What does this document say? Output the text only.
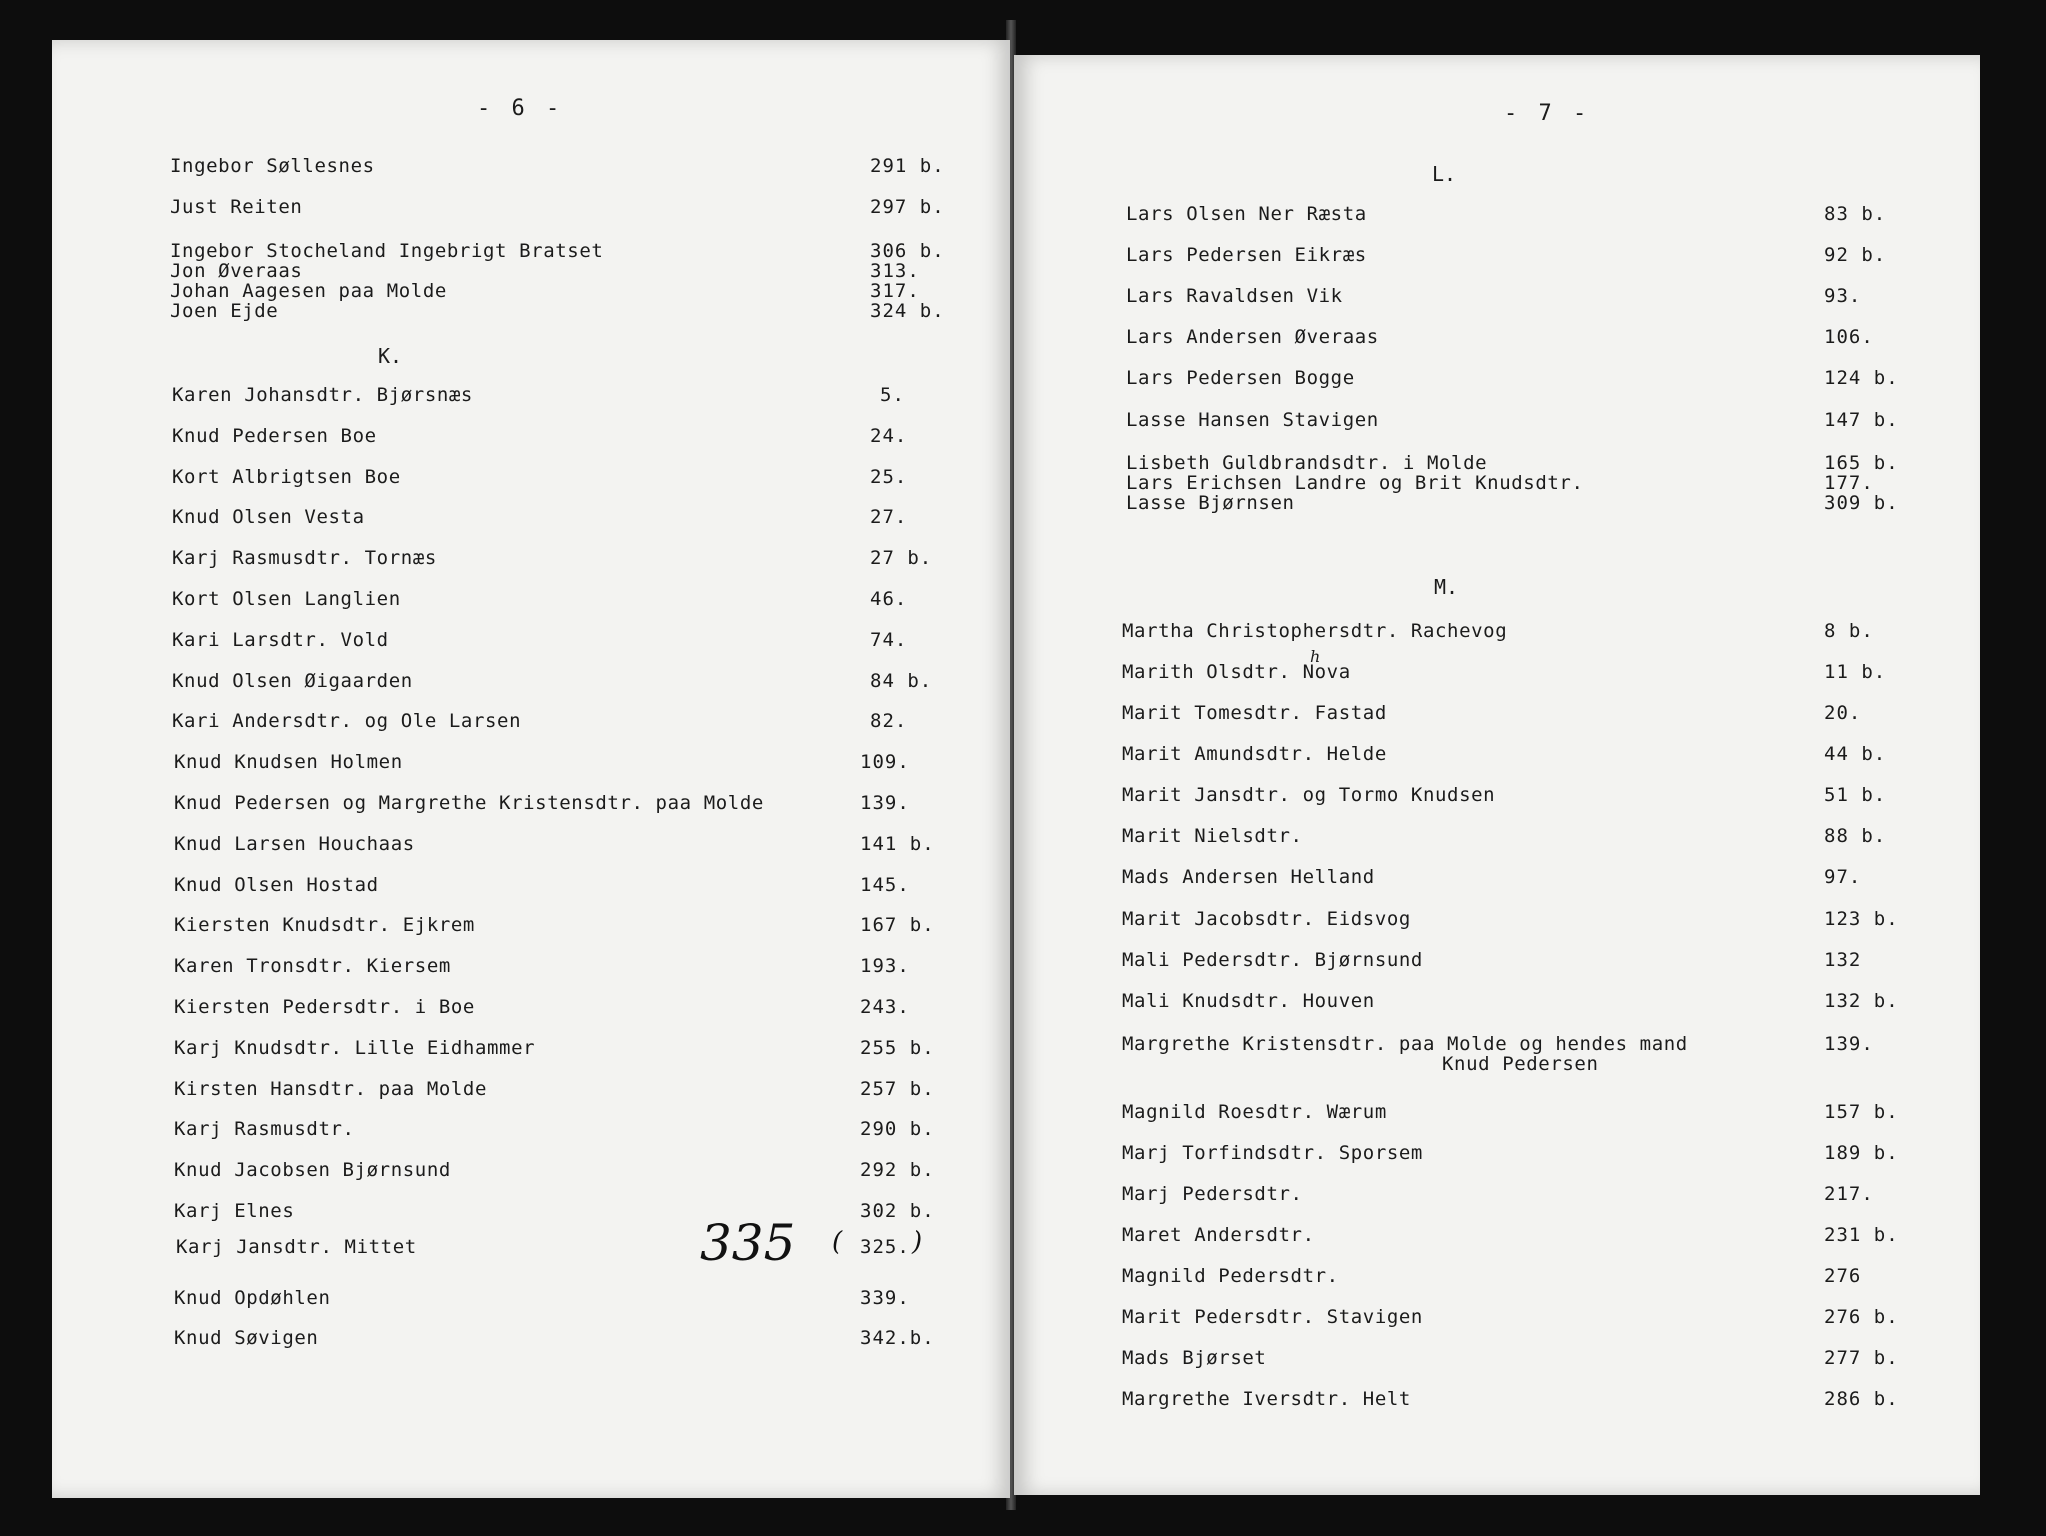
- 6 -
Ingebor Søllesnes	291 b.
Just Reiten	297 b.
Ingebor Stocheland Ingebrigt Bratset	306 b.
Jon Øveraas	313.
Johan Aagesen paa Molde	317.
Joen Ejde	324 b.
K.
Karen Johansdtr. Bjørsnæs	5.
Knud Pedersen Boe	24.
Kort Albrigtsen Boe	25.
Knud Olsen Vesta	27.
Karj Rasmusdtr. Tornæs	27 b.
Kort Olsen Langlien	46.
Kari Larsdtr. Vold	74.
Knud Olsen Øigaarden	84 b.
Kari Andersdtr. og Ole Larsen	82.
Knud Knudsen Holmen	109.
Knud Pedersen og Margrethe Kristensdtr. paa Molde	139.
Knud Larsen Houchaas	141 b.
Knud Olsen Hostad	145.
Kiersten Knudsdtr. Ejkrem	167 b.
Karen Tronsdtr. Kiersem	193.
Kiersten Pedersdtr. i Boe	243.
Karj Knudsdtr. Lille Eidhammer	255 b.
Kirsten Hansdtr. paa Molde	257 b.
Karj Rasmusdtr.	290 b.
Knud Jacobsen Bjørnsund	292 b.
Karj Elnes	302 b.
Karj Jansdtr. Mittet	325.
Knud Opdøhlen	339.
Knud Søvigen	342.b.
335 (	)
- 7 -
L.
Lars Olsen Ner Ræsta	83 b.
Lars Pedersen Eikræs	92 b.
Lars Ravaldsen Vik	93.
Lars Andersen Øveraas	106.
Lars Pedersen Bogge	124 b.
Lasse Hansen Stavigen	147 b.
Lisbeth Guldbrandsdtr. i Molde	165 b.
Lars Erichsen Landre og Brit Knudsdtr.	177.
Lasse Bjørnsen	309 b.
M.
Martha Christophersdtr. Rachevog	8 b.
Marith Olsdtr. Nova	11 b.
Marit Tomesdtr. Fastad	20.
Marit Amundsdtr. Helde	44 b.
Marit Jansdtr. og Tormo Knudsen	51 b.
Marit Nielsdtr.	88 b.
Mads Andersen Helland	97.
Marit Jacobsdtr. Eidsvog	123 b.
Mali Pedersdtr. Bjørnsund	132
Mali Knudsdtr. Houven	132 b.
Margrethe Kristensdtr. paa Molde og hendes mand	139.
Knud Pedersen
Magnild Roesdtr. Wærum	157 b.
Marj Torfindsdtr. Sporsem	189 b.
Marj Pedersdtr.	217.
Maret Andersdtr.	231 b.
Magnild Pedersdtr.	276
Marit Pedersdtr. Stavigen	276 b.
Mads Bjørset	277 b.
Margrethe Iversdtr. Helt	286 b.
h
